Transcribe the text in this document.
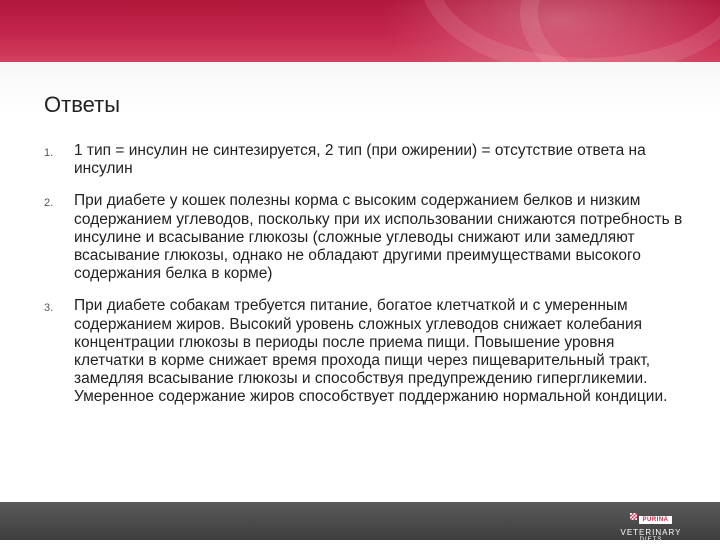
Ответы
1. 1 тип = инсулин не синтезируется, 2 тип (при ожирении) = отсутствие ответа на инсулин
2. При диабете у кошек полезны корма с высоким содержанием белков и низким содержанием углеводов, поскольку при их использовании снижаются потребность в инсулине и всасывание глюкозы (сложные углеводы снижают или замедляют всасывание глюкозы, однако не обладают другими преимуществами высокого содержания белка в корме)
3. При диабете собакам требуется питание, богатое клетчаткой и с умеренным содержанием жиров. Высокий уровень сложных углеводов снижает колебания концентрации глюкозы в периоды после приема пищи. Повышение уровня клетчатки в корме снижает время прохода пищи через пищеварительный тракт, замедляя всасывание глюкозы и способствуя предупреждению гипергликемии. Умеренное содержание жиров способствует поддержанию нормальной кондиции.
PURINA
VETERINARY
DIETS
